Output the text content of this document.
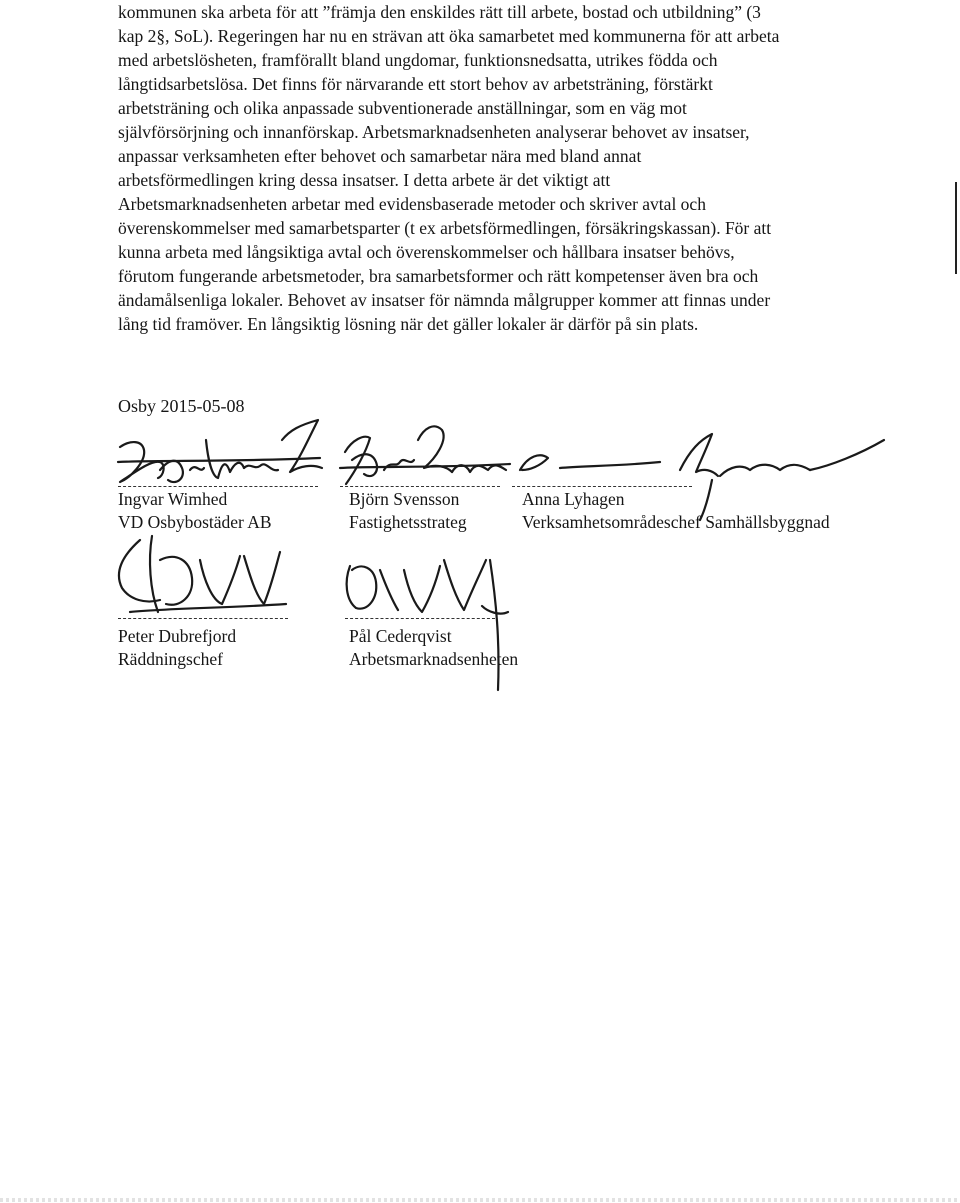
kommunen ska arbeta för att ”främja den enskildes rätt till arbete, bostad och utbildning” (3
kap 2§, SoL). Regeringen har nu en strävan att öka samarbetet med kommunerna för att arbeta
med arbetslösheten, framförallt bland ungdomar, funktionsnedsatta, utrikes födda och
långtidsarbetslösa. Det finns för närvarande ett stort behov av arbetsträning, förstärkt
arbetsträning och olika anpassade subventionerade anställningar, som en väg mot
självförsörjning och innanförskap. Arbetsmarknadsenheten analyserar behovet av insatser,
anpassar verksamheten efter behovet och samarbetar nära med bland annat
arbetsförmedlingen kring dessa insatser. I detta arbete är det viktigt att
Arbetsmarknadsenheten arbetar med evidensbaserade metoder och skriver avtal och
överenskommelser med samarbetsparter (t ex arbetsförmedlingen, försäkringskassan). För att
kunna arbeta med långsiktiga avtal och överenskommelser och hållbara insatser behövs,
förutom fungerande arbetsmetoder, bra samarbetsformer och rätt kompetenser även bra och
ändamålsenliga lokaler. Behovet av insatser för nämnda målgrupper kommer att finnas under
lång tid framöver. En långsiktig lösning när det gäller lokaler är därför på sin plats.
Osby 2015-05-08
Ingvar Wimhed
VD Osbybostäder AB
Björn Svensson
Fastighetsstrateg
Anna Lyhagen
Verksamhetsområdeschef Samhällsbyggnad
Peter Dubrefjord
Räddningschef
Pål Cederqvist
Arbetsmarknadsenheten
